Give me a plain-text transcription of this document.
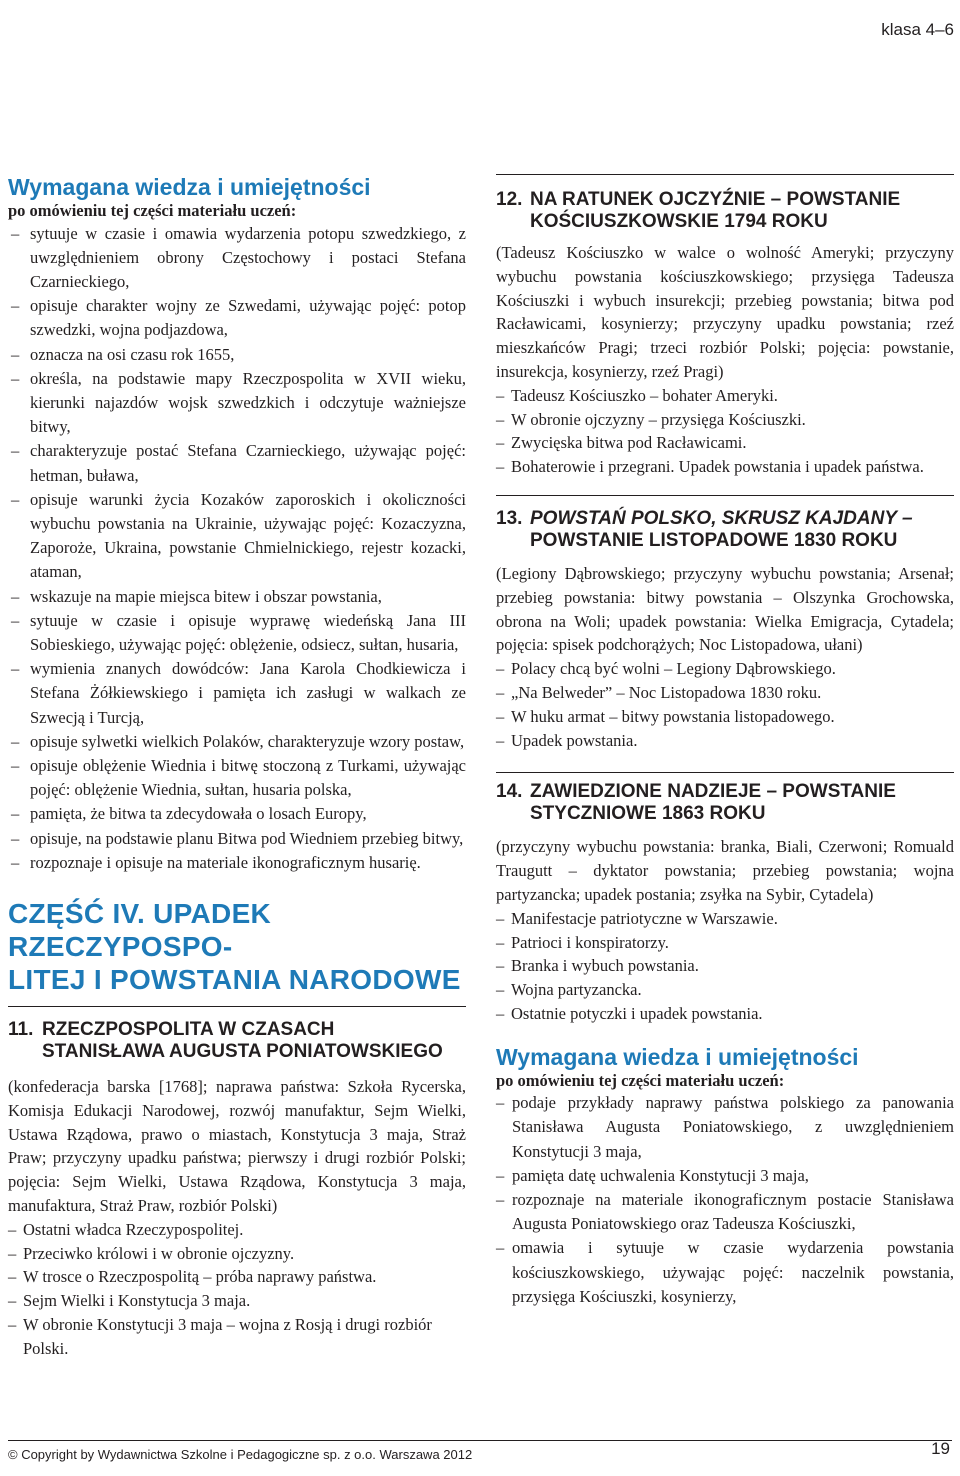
klasa 4–6
Wymagana wiedza i umiejętności
po omówieniu tej części materiału uczeń:
– sytuuje w czasie i omawia wydarzenia potopu szwedzkiego, z uwzględnieniem obrony Częstochowy i postaci Stefana Czarnieckiego,
– opisuje charakter wojny ze Szwedami, używając pojęć: potop szwedzki, wojna podjazdowa,
– oznacza na osi czasu rok 1655,
– określa, na podstawie mapy Rzeczpospolita w XVII wieku, kierunki najazdów wojsk szwedzkich i odczytuje ważniejsze bitwy,
– charakteryzuje postać Stefana Czarnieckiego, używając pojęć: hetman, buława,
– opisuje warunki życia Kozaków zaporoskich i okoliczności wybuchu powstania na Ukrainie, używając pojęć: Kozaczyzna, Zaporoże, Ukraina, powstanie Chmielnickiego, rejestr kozacki, ataman,
– wskazuje na mapie miejsca bitew i obszar powstania,
– sytuuje w czasie i opisuje wyprawę wiedeńską Jana III Sobieskiego, używając pojęć: oblężenie, odsiecz, sułtan, husaria,
– wymienia znanych dowódców: Jana Karola Chodkiewicza i Stefana Żółkiewskiego i pamięta ich zasługi w walkach ze Szwecją i Turcją,
– opisuje sylwetki wielkich Polaków, charakteryzuje wzory postaw,
– opisuje oblężenie Wiednia i bitwę stoczoną z Turkami, używając pojęć: oblężenie Wiednia, sułtan, husaria polska,
– pamięta, że bitwa ta zdecydowała o losach Europy,
– opisuje, na podstawie planu Bitwa pod Wiedniem przebieg bitwy,
– rozpoznaje i opisuje na materiale ikonograficznym husarię.
CZĘŚĆ IV. UPADEK RZECZYPOSPO-
LITEJ I POWSTANIA NARODOWE
11. RZECZPOSPOLITA W CZASACH
STANISŁAWA AUGUSTA PONIATOWSKIEGO

(konfederacja barska [1768]; naprawa państwa: Szkoła Rycerska, Komisja Edukacji Narodowej, rozwój manufaktur, Sejm Wielki, Ustawa Rządowa, prawo o miastach, Konstytucja 3 maja, Straż Praw; przyczyny upadku państwa; pierwszy i drugi rozbiór Polski; pojęcia: Sejm Wielki, Ustawa Rządowa, Konstytucja 3 maja, manufaktura, Straż Praw, rozbiór Polski)

– Ostatni władca Rzeczypospolitej.
– Przeciwko królowi i w obronie ojczyzny.
– W trosce o Rzeczpospolitą – próba naprawy państwa.
– Sejm Wielki i Konstytucja 3 maja.
– W obronie Konstytucji 3 maja – wojna z Rosją i drugi rozbiór Polski.
12. NA RATUNEK OJCZYŹNIE – POWSTANIE
KOŚCIUSZKOWSKIE 1794 ROKU

(Tadeusz Kościuszko w walce o wolność Ameryki; przyczyny wybuchu powstania kościuszkowskiego; przysięga Tadeusza Kościuszki i wybuch insurekcji; przebieg powstania; bitwa pod Racławicami, kosynierzy; przyczyny upadku powstania; rzeź mieszkańców Pragi; trzeci rozbiór Polski; pojęcia: powstanie, insurekcja, kosynierzy, rzeź Pragi)

– Tadeusz Kościuszko – bohater Ameryki.
– W obronie ojczyzny – przysięga Kościuszki.
– Zwycięska bitwa pod Racławicami.
– Bohaterowie i przegrani. Upadek powstania i upadek państwa.
13. POWSTAŃ POLSKO, SKRUSZ KAJDANY –
POWSTANIE LISTOPADOWE 1830 ROKU

(Legiony Dąbrowskiego; przyczyny wybuchu powstania; Arsenał; przebieg powstania: bitwy powstania – Olszynka Grochowska, obrona na Woli; upadek powstania: Wielka Emigracja, Cytadela; pojęcia: spisek podchorążych; Noc Listopadowa, ułani)

– Polacy chcą być wolni – Legiony Dąbrowskiego.
– „Na Belweder” – Noc Listopadowa 1830 roku.
– W huku armat – bitwy powstania listopadowego.
– Upadek powstania.
14. ZAWIEDZIONE NADZIEJE – POWSTANIE
STYCZNIOWE 1863 ROKU

(przyczyny wybuchu powstania: branka, Biali, Czerwoni; Romuald Traugutt – dyktator powstania; przebieg powstania; wojna partyzancka; upadek postania; zsyłka na Sybir, Cytadela)

– Manifestacje patriotyczne w Warszawie.
– Patrioci i konspiratorzy.
– Branka i wybuch powstania.
– Wojna partyzancka.
– Ostatnie potyczki i upadek powstania.
Wymagana wiedza i umiejętności
po omówieniu tej części materiału uczeń:
– podaje przykłady naprawy państwa polskiego za panowania Stanisława Augusta Poniatowskiego, z uwzględnieniem Konstytucji 3 maja,
– pamięta datę uchwalenia Konstytucji 3 maja,
– rozpoznaje na materiale ikonograficznym postacie Stanisława Augusta Poniatowskiego oraz Tadeusza Kościuszki,
– omawia i sytuuje w czasie wydarzenia powstania kościuszkowskiego, używając pojęć: naczelnik powstania, przysięga Kościuszki, kosynierzy,
© Copyright by Wydawnictwa Szkolne i Pedagogiczne sp. z o.o. Warszawa 2012	19
